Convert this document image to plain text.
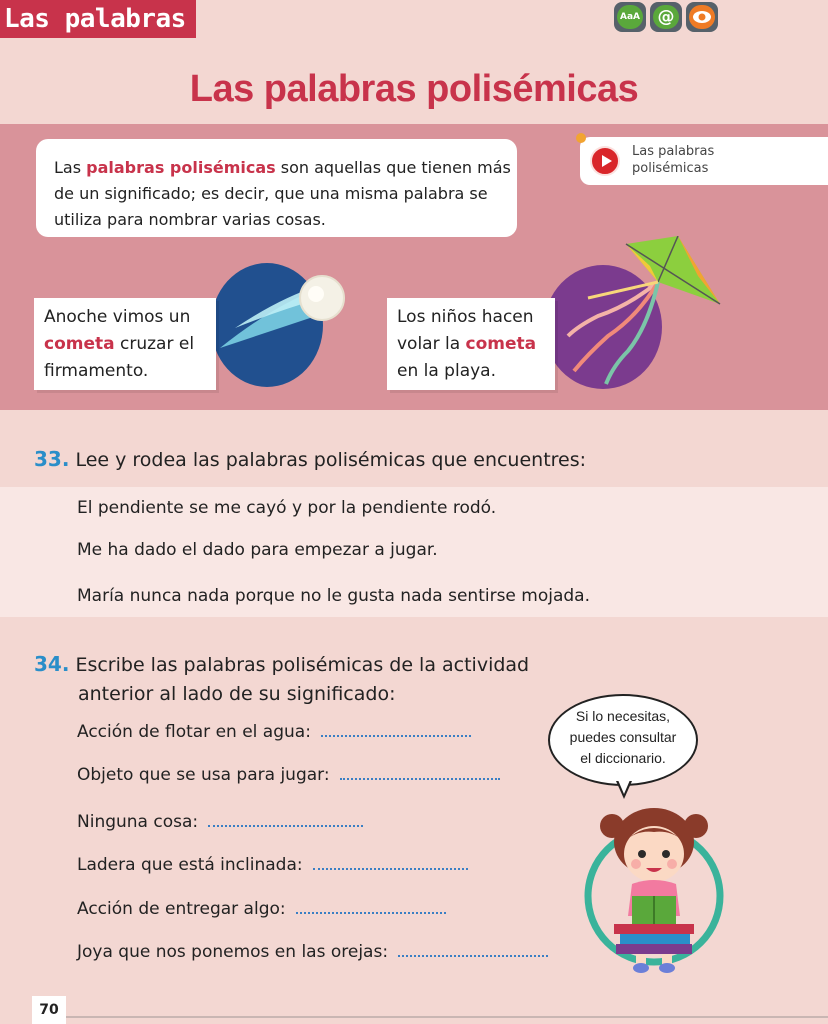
Las palabras	AaA @
Las palabras polisémicas
Las palabras polisémicas son aquellas que tienen más de un significado; es decir, que una misma palabra se utiliza para nombrar varias cosas.
Las palabras polisémicas
Anoche vimos un cometa cruzar el firmamento.
Los niños hacen volar la cometa en la playa.
33. Lee y rodea las palabras polisémicas que encuentres:
El pendiente se me cayó y por la pendiente rodó.
Me ha dado el dado para empezar a jugar.
María nunca nada porque no le gusta nada sentirse mojada.
34. Escribe las palabras polisémicas de la actividad
anterior al lado de su significado:
Acción de flotar en el agua:
Objeto que se usa para jugar:
Ninguna cosa:
Ladera que está inclinada:
Acción de entregar algo:
Joya que nos ponemos en las orejas:
Si lo necesitas,
puedes consultar
el diccionario.
70
